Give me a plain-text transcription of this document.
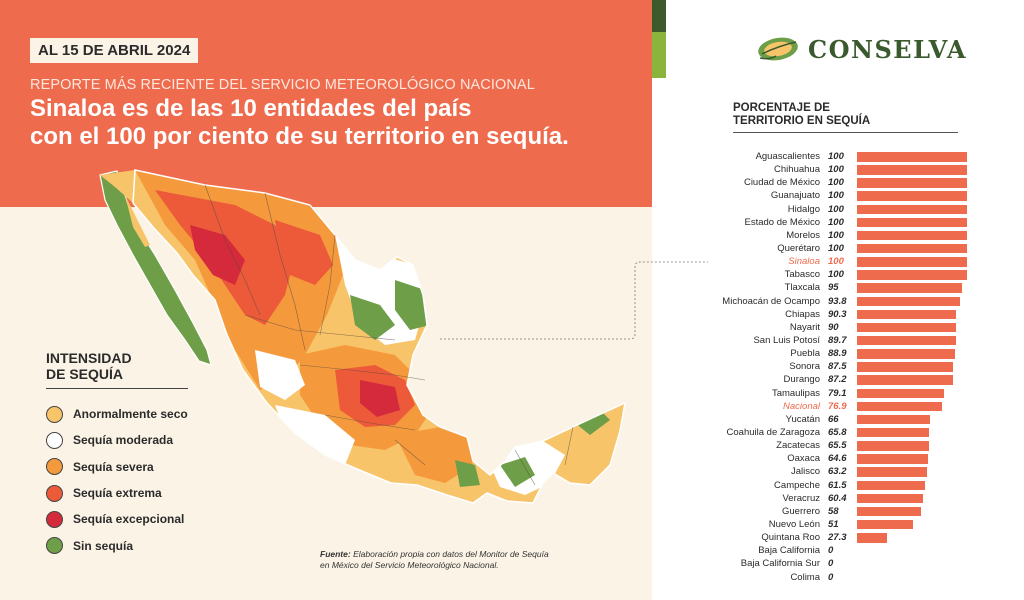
AL 15 DE ABRIL 2024
REPORTE MÁS RECIENTE DEL SERVICIO METEOROLÓGICO NACIONAL
Sinaloa es de las 10 entidades del país
con el 100 por ciento de su territorio en sequía.
INTENSIDAD
DE SEQUÍA
Anormalmente seco
Sequía moderada
Sequía severa
Sequía extrema
Sequía excepcional
Sin sequía
Fuente: Elaboración propia con datos del Monitor de Sequía en México del Servicio Meteorológico Nacional.
CONSELVA
PORCENTAJE DE
TERRITORIO EN SEQUÍA
Aguascalientes 100
Chihuahua 100
Ciudad de México 100
Guanajuato 100
Hidalgo 100
Estado de México 100
Morelos 100
Querétaro 100
Sinaloa 100
Tabasco 100
Tlaxcala 95
Michoacán de Ocampo 93.8
Chiapas 90.3
Nayarit 90
San Luis Potosí 89.7
Puebla 88.9
Sonora 87.5
Durango 87.2
Tamaulipas 79.1
Nacional 76.9
Yucatán 66
Coahuila de Zaragoza 65.8
Zacatecas 65.5
Oaxaca 64.6
Jalisco 63.2
Campeche 61.5
Veracruz 60.4
Guerrero 58
Nuevo León 51
Quintana Roo 27.3
Baja California 0
Baja California Sur 0
Colima 0
